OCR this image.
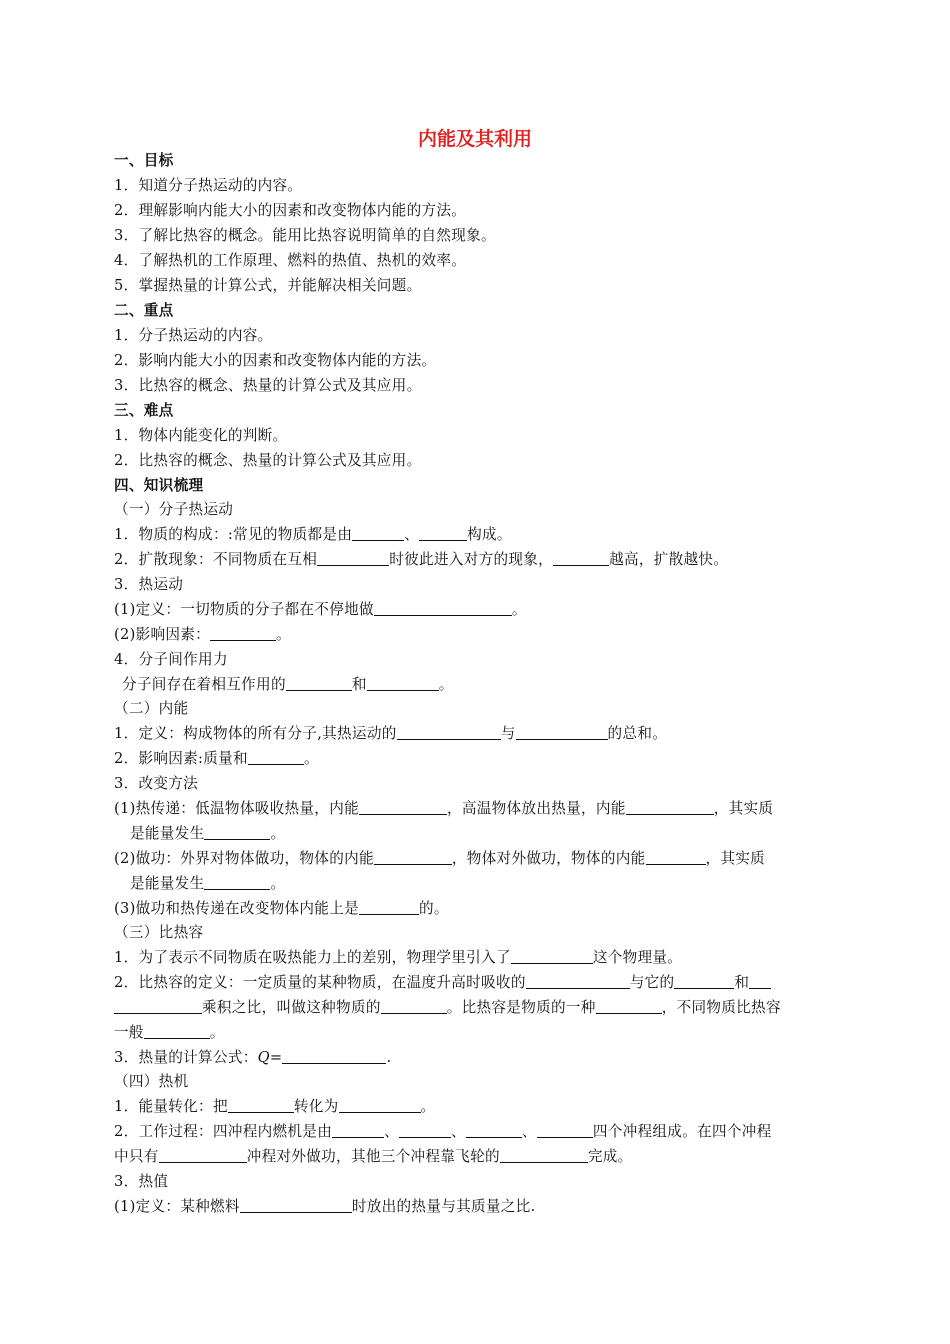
内能及其利用
一、目标
1．知道分子热运动的内容。
2．理解影响内能大小的因素和改变物体内能的方法。
3．了解比热容的概念。能用比热容说明简单的自然现象。
4．了解热机的工作原理、燃料的热值、热机的效率。
5．掌握热量的计算公式，并能解决相关问题。
二、重点
1．分子热运动的内容。
2．影响内能大小的因素和改变物体内能的方法。
3．比热容的概念、热量的计算公式及其应用。
三、难点
1．物体内能变化的判断。
2．比热容的概念、热量的计算公式及其应用。
四、知识梳理
（一）分子热运动
1．物质的构成：:常见的物质都是由	、	构成。
2．扩散现象：不同物质在互相	时彼此进入对方的现象，	越高，扩散越快。
3．热运动
(1)定义：一切物质的分子都在不停地做	。
(2)影响因素：	。
4．分子间作用力
分子间存在着相互作用的	和	。
（二）内能
1．定义：构成物体的所有分子,其热运动的	与	的总和。
2．影响因素:质量和	。
3．改变方法
(1)热传递：低温物体吸收热量，内能	，高温物体放出热量，内能	，其实质
是能量发生	。
(2)做功：外界对物体做功，物体的内能	，物体对外做功，物体的内能	，其实质
是能量发生	。
(3)做功和热传递在改变物体内能上是	的。
（三）比热容
1．为了表示不同物质在吸热能力上的差别，物理学里引入了	这个物理量。
2．比热容的定义：一定质量的某种物质，在温度升高时吸收的	与它的	和
乘积之比，叫做这种物质的	。比热容是物质的一种	，不同物质比热容
一般	。
3．热量的计算公式：Q=	.
（四）热机
1．能量转化：把	转化为	。
2．工作过程：四冲程内燃机是由	、	、	、	四个冲程组成。在四个冲程
中只有	冲程对外做功，其他三个冲程靠飞轮的	完成。
3．热值
(1)定义：某种燃料	时放出的热量与其质量之比.
